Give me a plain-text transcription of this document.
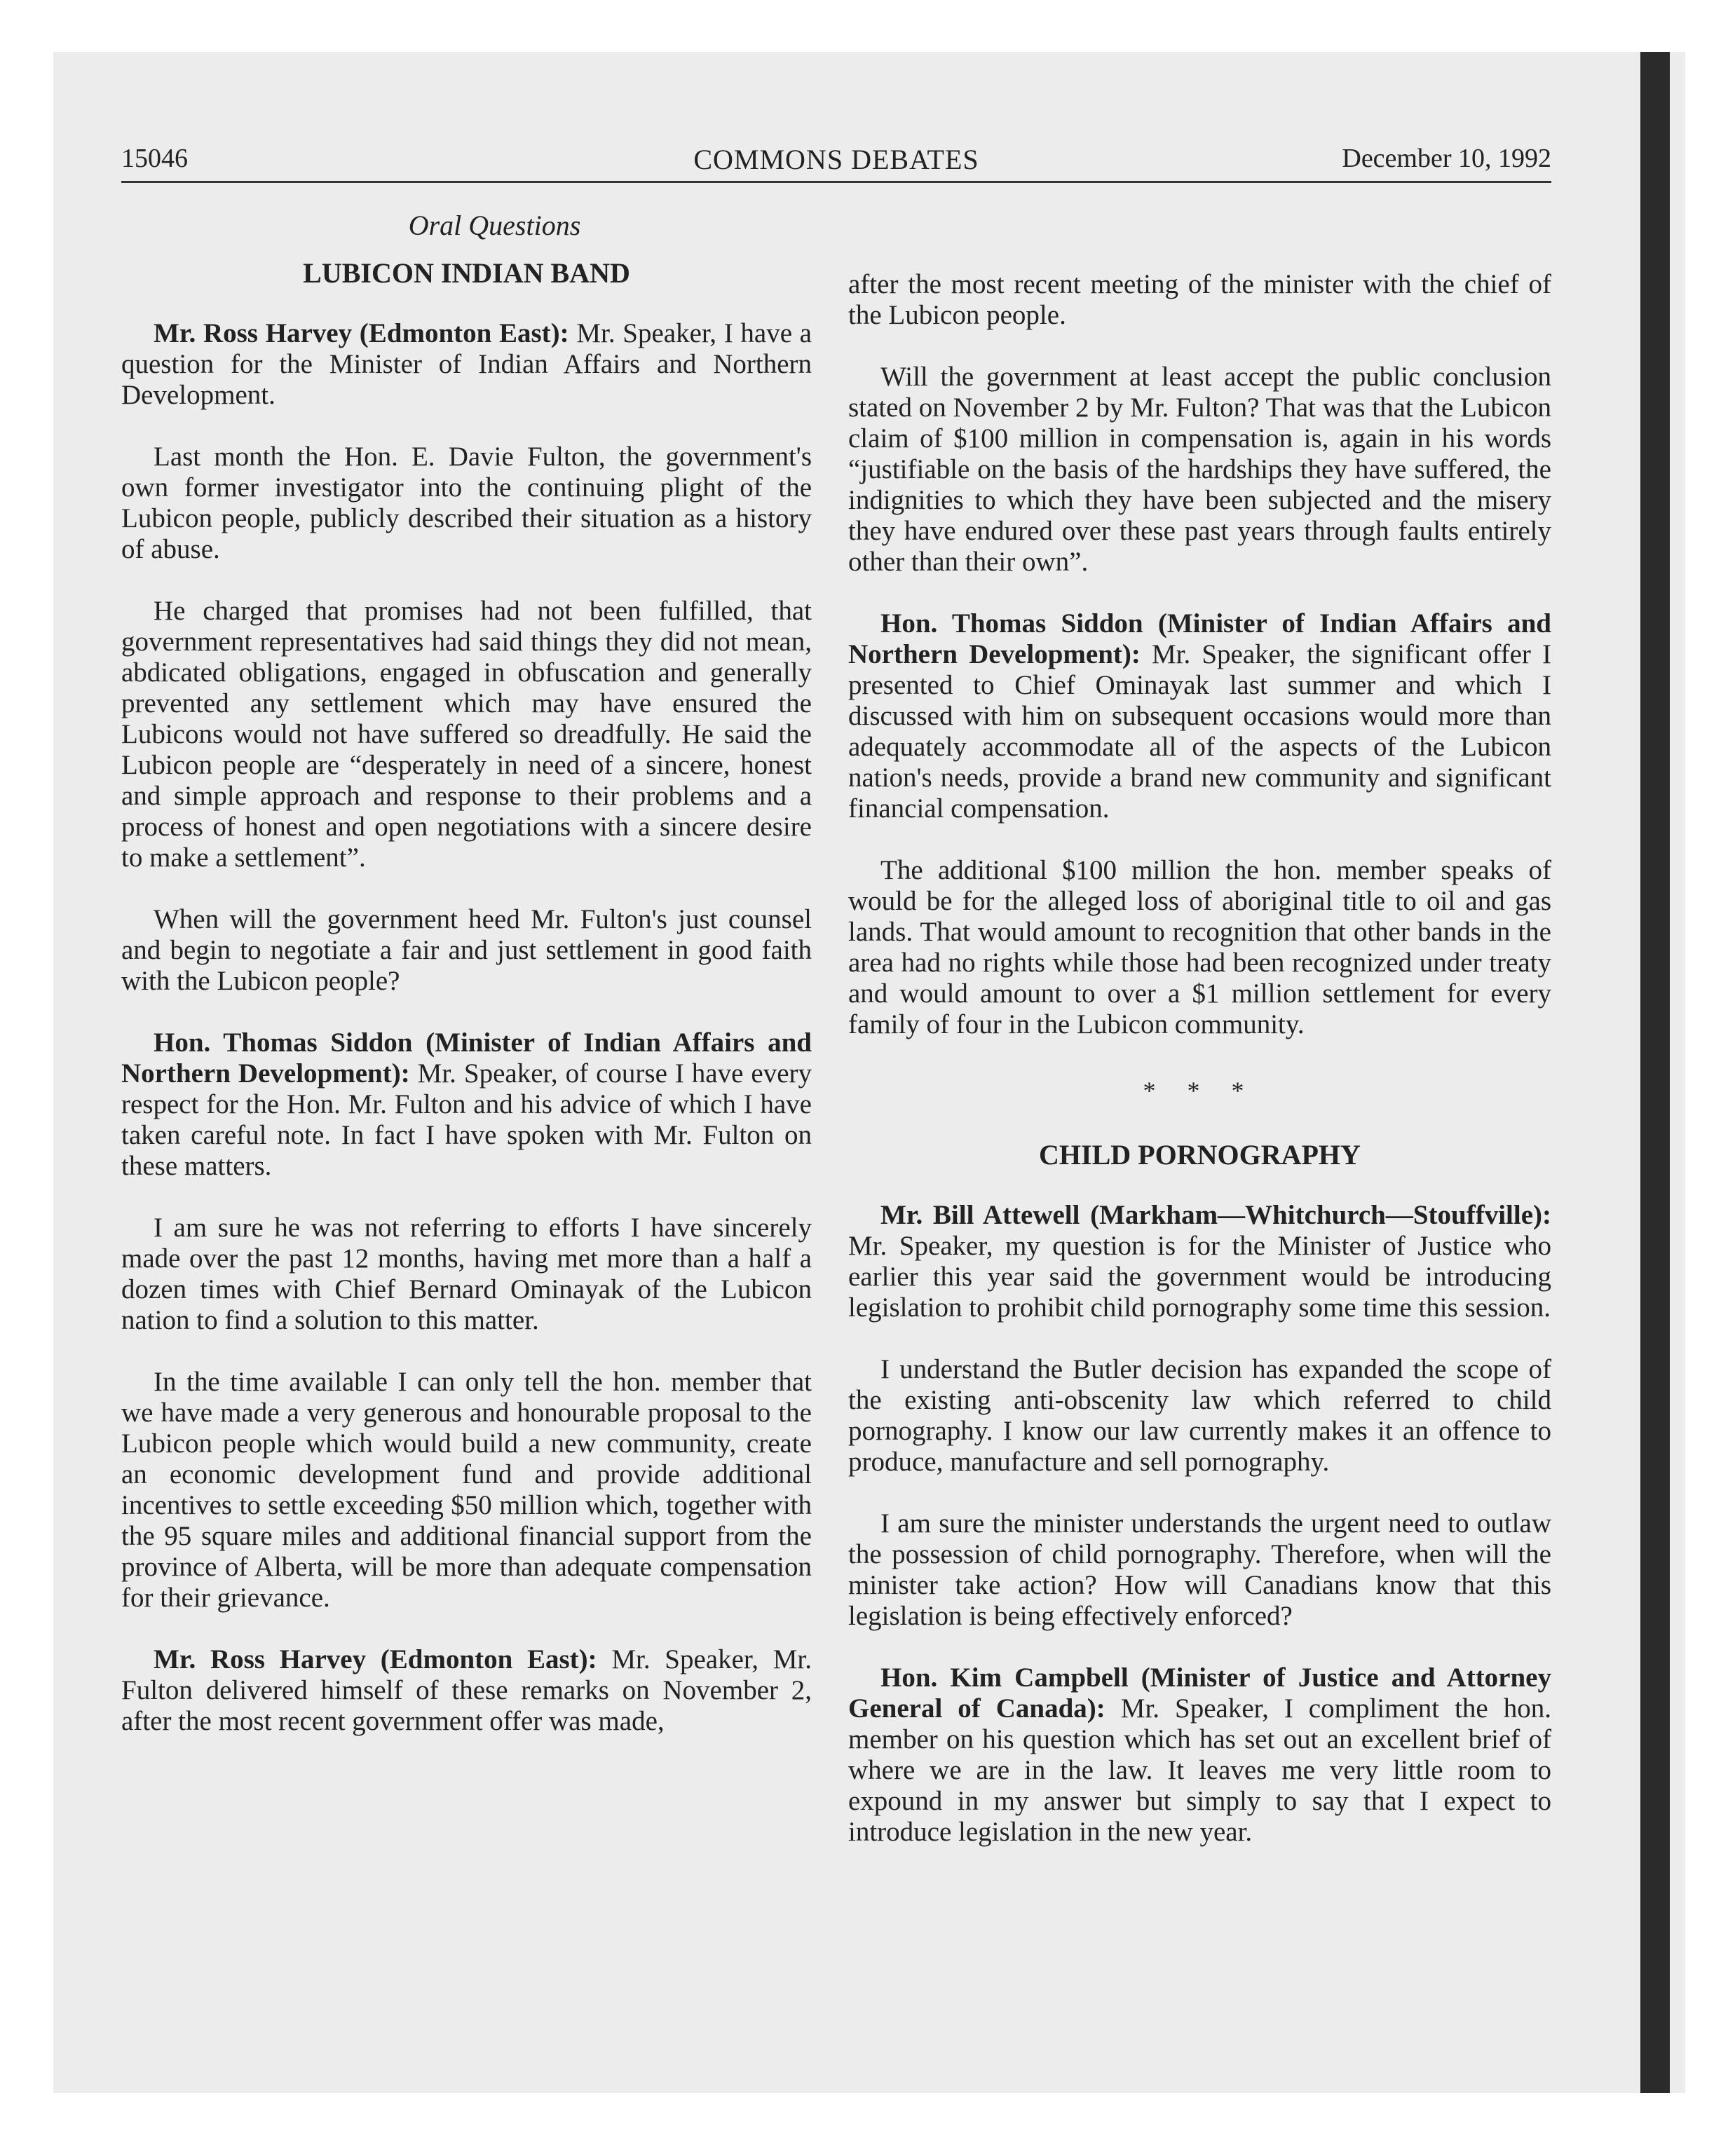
15046	COMMONS DEBATES	December 10, 1992
Oral Questions
LUBICON INDIAN BAND

Mr. Ross Harvey (Edmonton East): Mr. Speaker, I have a question for the Minister of Indian Affairs and Northern Development.

Last month the Hon. E. Davie Fulton, the government's own former investigator into the continuing plight of the Lubicon people, publicly described their situation as a history of abuse.

He charged that promises had not been fulfilled, that government representatives had said things they did not mean, abdicated obligations, engaged in obfuscation and generally prevented any settlement which may have ensured the Lubicons would not have suffered so dreadfully. He said the Lubicon people are “desperately in need of a sincere, honest and simple approach and response to their problems and a process of honest and open negotiations with a sincere desire to make a settlement”.

When will the government heed Mr. Fulton's just counsel and begin to negotiate a fair and just settlement in good faith with the Lubicon people?

Hon. Thomas Siddon (Minister of Indian Affairs and Northern Development): Mr. Speaker, of course I have every respect for the Hon. Mr. Fulton and his advice of which I have taken careful note. In fact I have spoken with Mr. Fulton on these matters.

I am sure he was not referring to efforts I have sincerely made over the past 12 months, having met more than a half a dozen times with Chief Bernard Ominayak of the Lubicon nation to find a solution to this matter.

In the time available I can only tell the hon. member that we have made a very generous and honourable proposal to the Lubicon people which would build a new community, create an economic development fund and provide additional incentives to settle exceeding $50 million which, together with the 95 square miles and additional financial support from the province of Alberta, will be more than adequate compensation for their grievance.

Mr. Ross Harvey (Edmonton East): Mr. Speaker, Mr. Fulton delivered himself of these remarks on November 2, after the most recent government offer was made,

after the most recent meeting of the minister with the chief of the Lubicon people.

Will the government at least accept the public conclusion stated on November 2 by Mr. Fulton? That was that the Lubicon claim of $100 million in compensation is, again in his words “justifiable on the basis of the hardships they have suffered, the indignities to which they have been subjected and the misery they have endured over these past years through faults entirely other than their own”.

Hon. Thomas Siddon (Minister of Indian Affairs and Northern Development): Mr. Speaker, the significant offer I presented to Chief Ominayak last summer and which I discussed with him on subsequent occasions would more than adequately accommodate all of the aspects of the Lubicon nation's needs, provide a brand new community and significant financial compensation.

The additional $100 million the hon. member speaks of would be for the alleged loss of aboriginal title to oil and gas lands. That would amount to recognition that other bands in the area had no rights while those had been recognized under treaty and would amount to over a $1 million settlement for every family of four in the Lubicon community.

* * *
CHILD PORNOGRAPHY

Mr. Bill Attewell (Markham—Whitchurch—Stouffville): Mr. Speaker, my question is for the Minister of Justice who earlier this year said the government would be introducing legislation to prohibit child pornography some time this session.

I understand the Butler decision has expanded the scope of the existing anti-obscenity law which referred to child pornography. I know our law currently makes it an offence to produce, manufacture and sell pornography.

I am sure the minister understands the urgent need to outlaw the possession of child pornography. Therefore, when will the minister take action? How will Canadians know that this legislation is being effectively enforced?

Hon. Kim Campbell (Minister of Justice and Attorney General of Canada): Mr. Speaker, I compliment the hon. member on his question which has set out an excellent brief of where we are in the law. It leaves me very little room to expound in my answer but simply to say that I expect to introduce legislation in the new year.
